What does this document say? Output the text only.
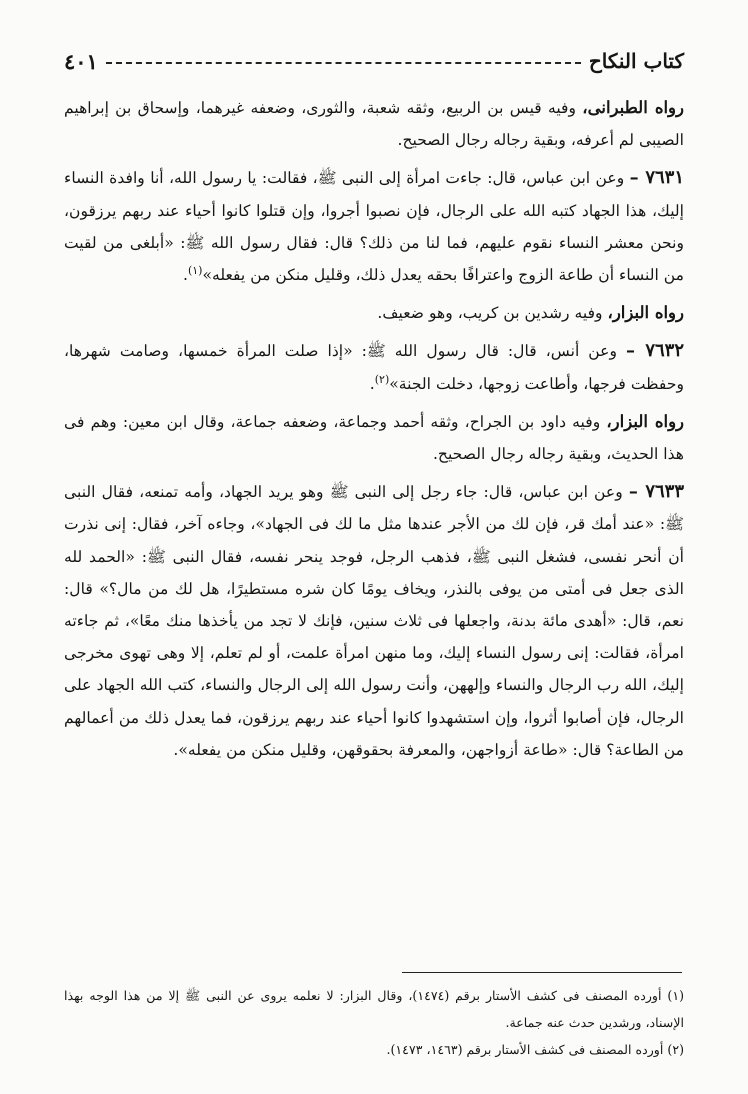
كتاب النكاح
٤٠١

رواه الطبرانى، وفيه قيس بن الربيع، وثقه شعبة، والثورى، وضعفه غيرهما، وإسحاق بن إبراهيم الصيبى لم أعرفه، وبقية رجاله رجال الصحيح.

٧٦٣١ – وعن ابن عباس، قال: جاءت امرأة إلى النبى ﷺ، فقالت: يا رسول الله، أنا وافدة النساء إليك، هذا الجهاد كتبه الله على الرجال، فإن نصبوا أجروا، وإن قتلوا كانوا أحياء عند ربهم يرزقون، ونحن معشر النساء نقوم عليهم، فما لنا من ذلك؟ قال: فقال رسول الله ﷺ: «أبلغى من لقيت من النساء أن طاعة الزوج واعترافًا بحقه يعدل ذلك، وقليل منكن من يفعله»$^{(١)}$.

رواه البزار، وفيه رشدين بن كريب، وهو ضعيف.

٧٦٣٢ – وعن أنس، قال: قال رسول الله ﷺ: «إذا صلت المرأة خمسها، وصامت شهرها، وحفظت فرجها، وأطاعت زوجها، دخلت الجنة»$^{(٢)}$.

رواه البزار، وفيه داود بن الجراح، وثقه أحمد وجماعة، وضعفه جماعة، وقال ابن معين: وهم فى هذا الحديث، وبقية رجاله رجال الصحيح.

٧٦٣٣ – وعن ابن عباس، قال: جاء رجل إلى النبى ﷺ وهو يريد الجهاد، وأمه تمنعه، فقال النبى ﷺ: «عند أمك قر، فإن لك من الأجر عندها مثل ما لك فى الجهاد»، وجاءه آخر، فقال: إنى نذرت أن أنحر نفسى، فشغل النبى ﷺ، فذهب الرجل، فوجد ينحر نفسه، فقال النبى ﷺ: «الحمد لله الذى جعل فى أمتى من يوفى بالنذر، ويخاف يومًا كان شره مستطيرًا، هل لك من مال؟» قال: نعم، قال: «أهدى مائة بدنة، واجعلها فى ثلاث سنين، فإنك لا تجد من يأخذها منك معًا»، ثم جاءته امرأة، فقالت: إنى رسول النساء إليك، وما منهن امرأة علمت، أو لم تعلم، إلا وهى تهوى مخرجى إليك، الله رب الرجال والنساء وإلههن، وأنت رسول الله إلى الرجال والنساء، كتب الله الجهاد على الرجال، فإن أصابوا أثروا، وإن استشهدوا كانوا أحياء عند ربهم يرزقون، فما يعدل ذلك من أعمالهم من الطاعة؟ قال: «طاعة أزواجهن، والمعرفة بحقوقهن، وقليل منكن من يفعله».

(١) أورده المصنف فى كشف الأستار برقم (١٤٧٤)، وقال البزار: لا نعلمه يروى عن النبى ﷺ إلا من هذا الوجه بهذا الإسناد، ورشدين حدث عنه جماعة.

(٢) أورده المصنف فى كشف الأستار برقم (١٤٦٣، ١٤٧٣).
